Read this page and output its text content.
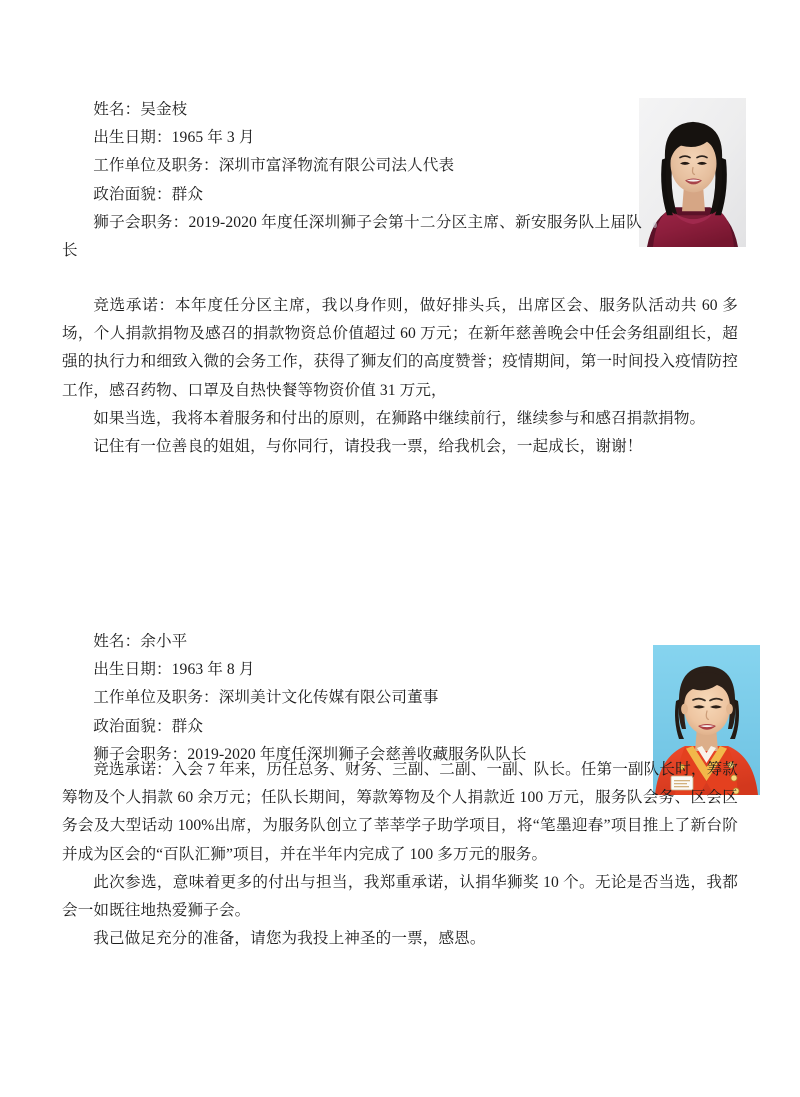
姓名：吴金枝

出生日期：1965 年 3 月

工作单位及职务：深圳市富泽物流有限公司法人代表

政治面貌：群众

狮子会职务：2019-2020 年度任深圳狮子会第十二分区主席、新安服务队上届队长

竞选承诺：本年度任分区主席，我以身作则，做好排头兵，出席区会、服务队活动共 60 多场，个人捐款捐物及感召的捐款物资总价值超过 60 万元；在新年慈善晚会中任会务组副组长，超强的执行力和细致入微的会务工作，获得了狮友们的高度赞誉；疫情期间，第一时间投入疫情防控工作，感召药物、口罩及自热快餐等物资价值 31 万元，

如果当选，我将本着服务和付出的原则，在狮路中继续前行，继续参与和感召捐款捐物。

记住有一位善良的姐姐，与你同行，请投我一票，给我机会，一起成长，谢谢！

姓名：余小平

出生日期：1963 年 8 月

工作单位及职务：深圳美计文化传媒有限公司董事

政治面貌：群众

狮子会职务：2019-2020 年度任深圳狮子会慈善收藏服务队队长

竞选承诺：入会 7 年来，历任总务、财务、三副、二副、一副、队长。任第一副队长时，筹款筹物及个人捐款 60 余万元；任队长期间，筹款筹物及个人捐款近 100 万元，服务队会务、区会区务会及大型话动 100%出席，为服务队创立了莘莘学子助学项目，将“笔墨迎春”项目推上了新台阶并成为区会的“百队汇狮”项目，并在半年内完成了 100 多万元的服务。

此次参选，意味着更多的付出与担当，我郑重承诺，认捐华狮奖 10 个。无论是否当选，我都会一如既往地热爱狮子会。

我己做足充分的准备，请您为我投上神圣的一票，感恩。
